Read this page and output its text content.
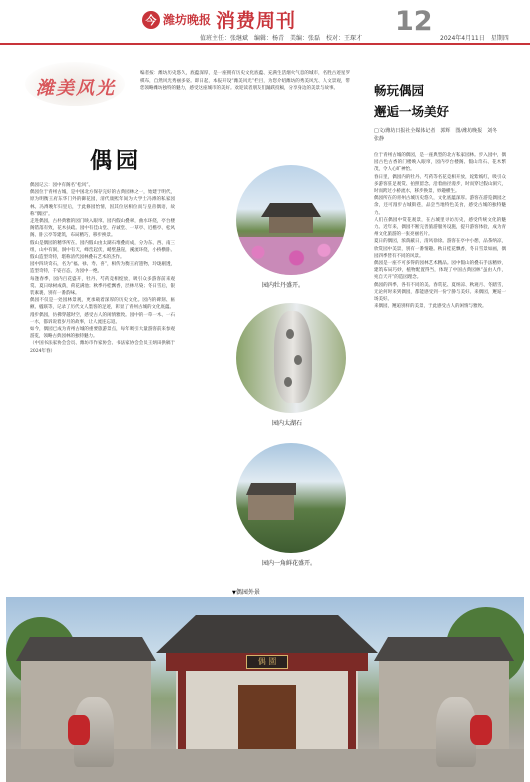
今 潍坊晚报 消费周刊	12
值班主任：张继斌　编辑：杨青　美编：张磊　校对：王琛才	2024年4月11日　星期四
潍美风光
编者按：潍坊历史悠久，底蕴深厚，是一座拥有历史文化底蕴、充满生活烟火气息的城市，名胜古迹星罗棋布，自然风光秀丽多姿。即日起，本报开设“潍美风光”栏目，为您介绍潍坊的秀美风光、人文景观，带您领略潍坊独特的魅力，感受这座城市的美好。欢迎读者朋友们踊跃投稿，分享身边的美景与故事。
偶园

偶园记云：园中有阁名“松风”。

偶园位于青州古城，是中国北方保存完好的古典园林之一，始建于明代，原为明衡王府东华门外的御花园，清代康熙年间为大学士冯溥的私家园林。冯溥晚年归里后，于此修园怡情，因其位居相位而与皇帝偶语，故称“偶园”。

走进偶园，古朴典雅的园门映入眼帘。园内假山叠翠，曲水环绕，亭台楼阁错落有致，花木扶疏。园中有佳山堂、存诚堂、一草亭、近樵亭、松风阁、卧云亭等建筑，布局精巧，移步换景。

假山是偶园的精华所在。园内假山由太湖石堆叠而成，分为东、西、南三组，山中有洞，洞中有天，峰峦起伏，峭壁悬崖，溪流环绕，小桥横卧。假山造型奇特，堪称清代园林叠石艺术的杰作。

园中四块奇石，名为“福、禄、寿、喜”，相传为衡王府遗物，玲珑剔透，造型奇特，千姿百态，为园中一绝。

每逢春季，园内百花盛开，牡丹、芍药竞相绽放，吸引众多游客前来观赏。夏日绿树成荫，荷花满池；秋季丹桂飘香，层林尽染；冬日雪后，银装素裹，别有一番韵味。

偶园不仅是一处园林景观，更承载着深厚的历史文化。园内的碑刻、匾额、楹联等，记录了历代文人墨客的足迹，彰显了青州古城的文化底蕴。

漫步偶园，仿佛穿越时空，感受古人的闲情雅致。园中的一草一木、一石一水，都诉说着岁月的故事，让人流连忘返。

如今，偶园已成为青州古城的重要旅游景点，每年吸引大量游客前来参观游览，领略古典园林的独特魅力。

（中国书法家协会会员、潍坊市作家协会、书法家协会会员王炳田供稿于2024年春）

园内牡丹盛开。
园内太湖石
园内一角鲜花盛开。
畅玩偶园
邂逅一场美好
□文/潍坊日报社全媒体记者　郭辉　图/潍坊晚报　刘冬　张静

位于青州古城的偶园，是一座典型的北方私家园林。步入园中，偶园古色古香的门楼映入眼帘，园内亭台楼阁、假山奇石、花木繁茂，令人心旷神怡。

春日里，偶园内的牡丹、芍药等名花竞相开放，姹紫嫣红，吸引众多游客驻足观赏、拍照留念。沿着曲径漫步，时而穿过假山洞穴，时而跨过小桥流水，移步换景，妙趣横生。

偶园所在的青州古城历史悠久，文化底蕴深厚。游客在游览偶园之余，还可漫步古城街巷，品尝当地特色美食，感受古城的独特魅力。

人们在偶园中赏花观景，在古城里寻访历史，感受传统文化的魅力。近年来，偶园不断完善旅游服务设施，提升游客体验，成为青州文化旅游的一张亮丽名片。

夏日的偶园，浓荫蔽日，清风徐徐。游客在亭中小憩，品茶纳凉，欣赏园中美景，别有一番情趣。秋日桂花飘香，冬日雪景如画，偶园四季皆有不同的风景。

偶园是一座不可多得的园林艺术精品。园中假山的叠石手法精妙，建筑布局巧妙，植物配置得当，体现了中国古典园林“虽由人作，宛自天开”的造园理念。

偶园的四季，各有不同的美。春赏花、夏纳凉、秋观月、冬踏雪，无论何时来到偶园，都能感受到一份宁静与美好。来偶园，邂逅一场美好。

来偶园，邂逅别样的美景，于此感受古人的闲情与雅致。

▼偶园外景
偶 園
